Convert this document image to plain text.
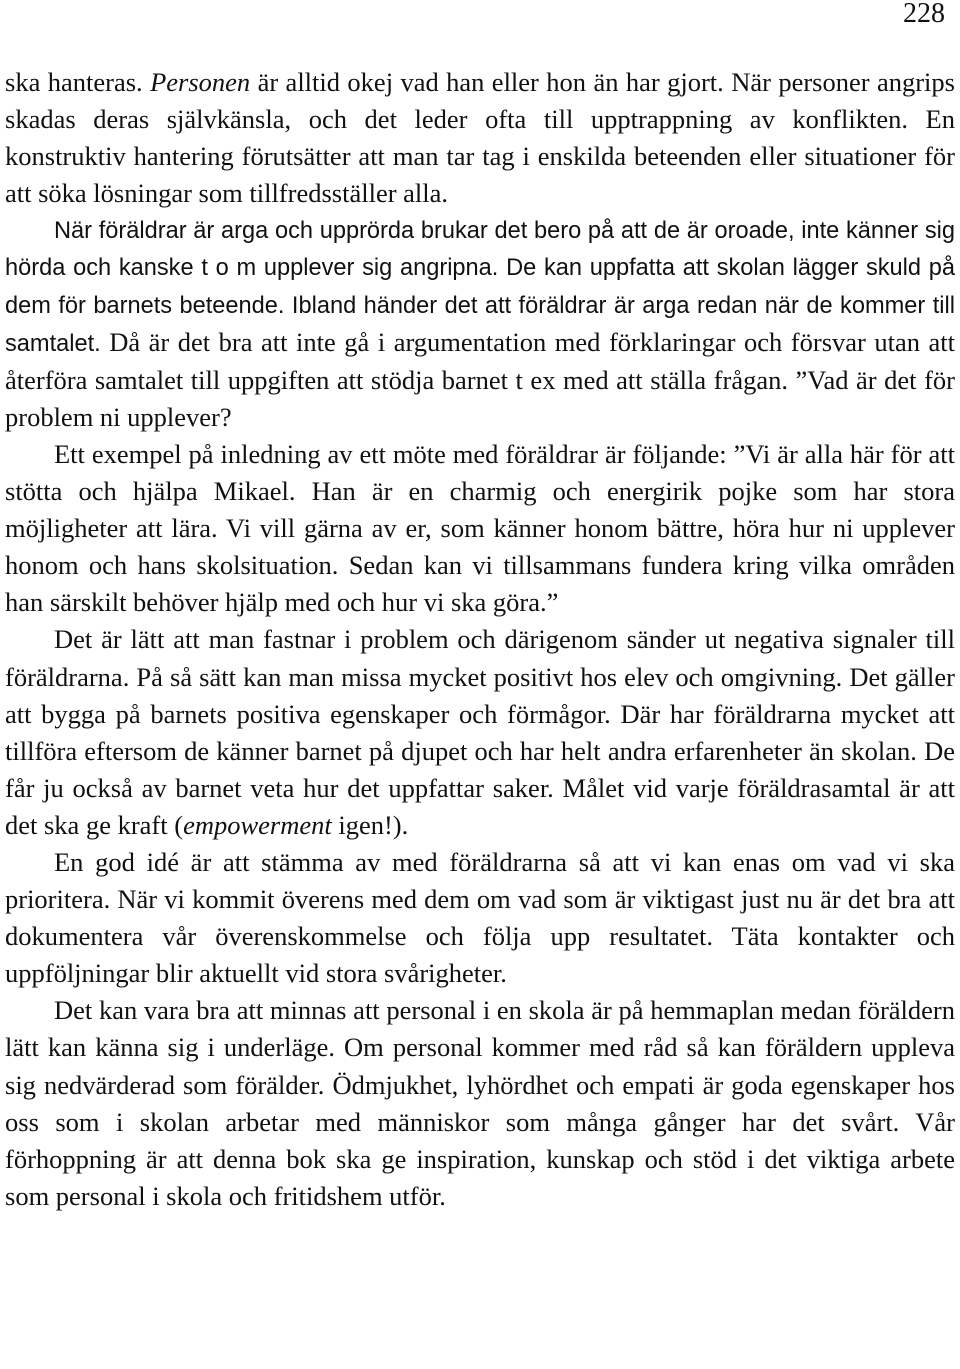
228

ska hanteras. Personen är alltid okej vad han eller hon än har gjort. När personer angrips skadas deras självkänsla, och det leder ofta till upptrappning av konflikten. En konstruktiv hantering förutsätter att man tar tag i enskilda beteenden eller situationer för att söka lösningar som tillfredsställer alla.

När föräldrar är arga och upprörda brukar det bero på att de är oroade, inte känner sig hörda och kanske t o m upplever sig angripna. De kan uppfatta att skolan lägger skuld på dem för barnets beteende. Ibland händer det att föräldrar är arga redan när de kommer till samtalet. Då är det bra att inte gå i argumentation med förklaringar och försvar utan att återföra samtalet till uppgiften att stödja barnet t ex med att ställa frågan. ”Vad är det för problem ni upplever?

Ett exempel på inledning av ett möte med föräldrar är följande: ”Vi är alla här för att stötta och hjälpa Mikael. Han är en charmig och energirik pojke som har stora möjligheter att lära. Vi vill gärna av er, som känner honom bättre, höra hur ni upplever honom och hans skolsituation. Sedan kan vi tillsammans fundera kring vilka områden han särskilt behöver hjälp med och hur vi ska göra.”

Det är lätt att man fastnar i problem och därigenom sänder ut negativa signaler till föräldrarna. På så sätt kan man missa mycket positivt hos elev och omgivning. Det gäller att bygga på barnets positiva egenskaper och förmågor. Där har föräldrarna mycket att tillföra eftersom de känner barnet på djupet och har helt andra erfarenheter än skolan. De får ju också av barnet veta hur det uppfattar saker. Målet vid varje föräldrasamtal är att det ska ge kraft (empowerment igen!).

En god idé är att stämma av med föräldrarna så att vi kan enas om vad vi ska prioritera. När vi kommit överens med dem om vad som är viktigast just nu är det bra att dokumentera vår överenskommelse och följa upp resultatet. Täta kontakter och uppföljningar blir aktuellt vid stora svårigheter.

Det kan vara bra att minnas att personal i en skola är på hemmaplan medan föräldern lätt kan känna sig i underläge. Om personal kommer med råd så kan föräldern uppleva sig nedvärderad som förälder. Ödmjukhet, lyhördhet och empati är goda egenskaper hos oss som i skolan arbetar med människor som många gånger har det svårt. Vår förhoppning är att denna bok ska ge inspiration, kunskap och stöd i det viktiga arbete som personal i skola och fritidshem utför.
